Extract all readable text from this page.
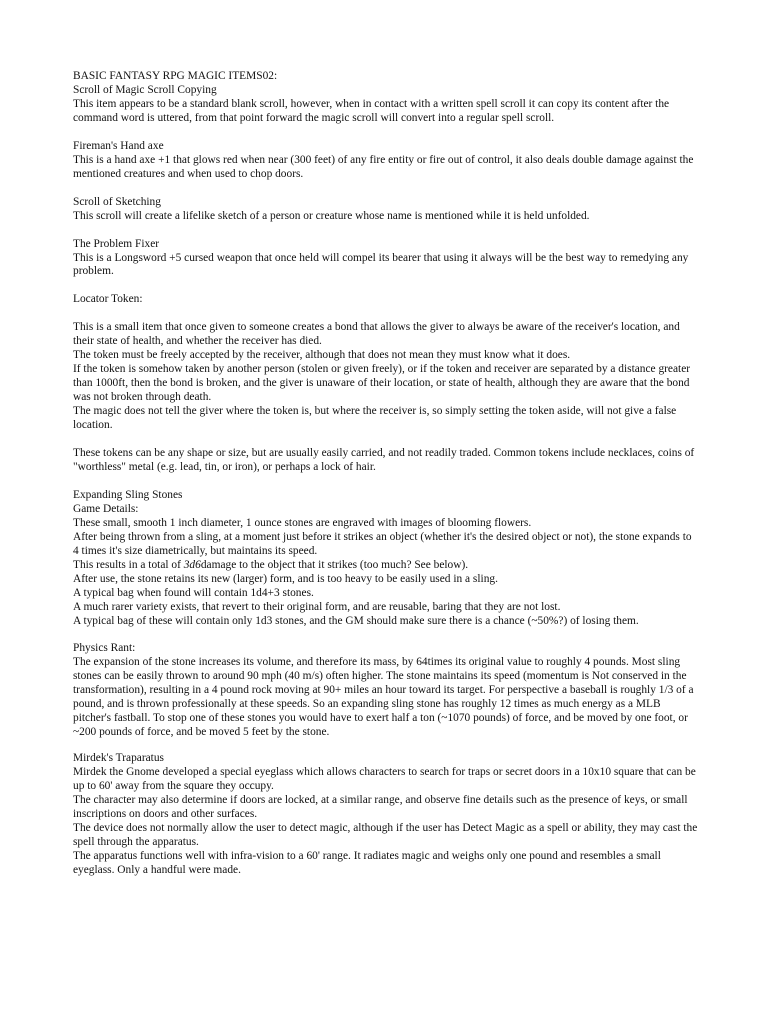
BASIC FANTASY RPG MAGIC ITEMS02:

Scroll of Magic Scroll Copying

This item appears to be a standard blank scroll, however, when in contact with a written spell scroll it can copy its content after the command word is uttered, from that point forward the magic scroll will convert into a regular spell scroll.

Fireman's Hand axe

This is a hand axe +1 that glows red when near (300 feet) of any fire entity or fire out of control, it also deals double damage against the mentioned creatures and when used to chop doors.

Scroll of Sketching

This scroll will create a lifelike sketch of a person or creature whose name is mentioned while it is held unfolded.

The Problem Fixer

This is a Longsword +5 cursed weapon that once held will compel its bearer that using it always will be the best way to remedying any problem.

Locator Token:

This is a small item that once given to someone creates a bond that allows the giver to always be aware of the receiver's location, and their state of health, and whether the receiver has died.

The token must be freely accepted by the receiver, although that does not mean they must know what it does.

If the token is somehow taken by another person (stolen or given freely), or if the token and receiver are separated by a distance greater than 1000ft, then the bond is broken, and the giver is unaware of their location, or state of health, although they are aware that the bond was not broken through death.

The magic does not tell the giver where the token is, but where the receiver is, so simply setting the token aside, will not give a false location.

These tokens can be any shape or size, but are usually easily carried, and not readily traded. Common tokens include necklaces, coins of "worthless" metal (e.g. lead, tin, or iron), or perhaps a lock of hair.

Expanding Sling Stones

Game Details:

These small, smooth 1 inch diameter, 1 ounce stones are engraved with images of blooming flowers.

After being thrown from a sling, at a moment just before it strikes an object (whether it's the desired object or not), the stone expands to 4 times it's size diametrically, but maintains its speed.

This results in a total of 3d6damage to the object that it strikes (too much? See below).

After use, the stone retains its new (larger) form, and is too heavy to be easily used in a sling.

A typical bag when found will contain 1d4+3 stones.

A much rarer variety exists, that revert to their original form, and are reusable, baring that they are not lost.

A typical bag of these will contain only 1d3 stones, and the GM should make sure there is a chance (~50%?) of losing them.

Physics Rant:

The expansion of the stone increases its volume, and therefore its mass, by 64times its original value to roughly 4 pounds. Most sling stones can be easily thrown to around 90 mph (40 m/s) often higher. The stone maintains its speed (momentum is Not conserved in the transformation), resulting in a 4 pound rock moving at 90+ miles an hour toward its target. For perspective a baseball is roughly 1/3 of a pound, and is thrown professionally at these speeds. So an expanding sling stone has roughly 12 times as much energy as a MLB pitcher's fastball. To stop one of these stones you would have to exert half a ton (~1070 pounds) of force, and be moved by one foot, or ~200 pounds of force, and be moved 5 feet by the stone.

Mirdek's Traparatus

Mirdek the Gnome developed a special eyeglass which allows characters to search for traps or secret doors in a 10x10 square that can be up to 60' away from the square they occupy.

The character may also determine if doors are locked, at a similar range, and observe fine details such as the presence of keys, or small inscriptions on doors and other surfaces.

The device does not normally allow the user to detect magic, although if the user has Detect Magic as a spell or ability, they may cast the spell through the apparatus.

The apparatus functions well with infra-vision to a 60' range. It radiates magic and weighs only one pound and resembles a small eyeglass. Only a handful were made.
